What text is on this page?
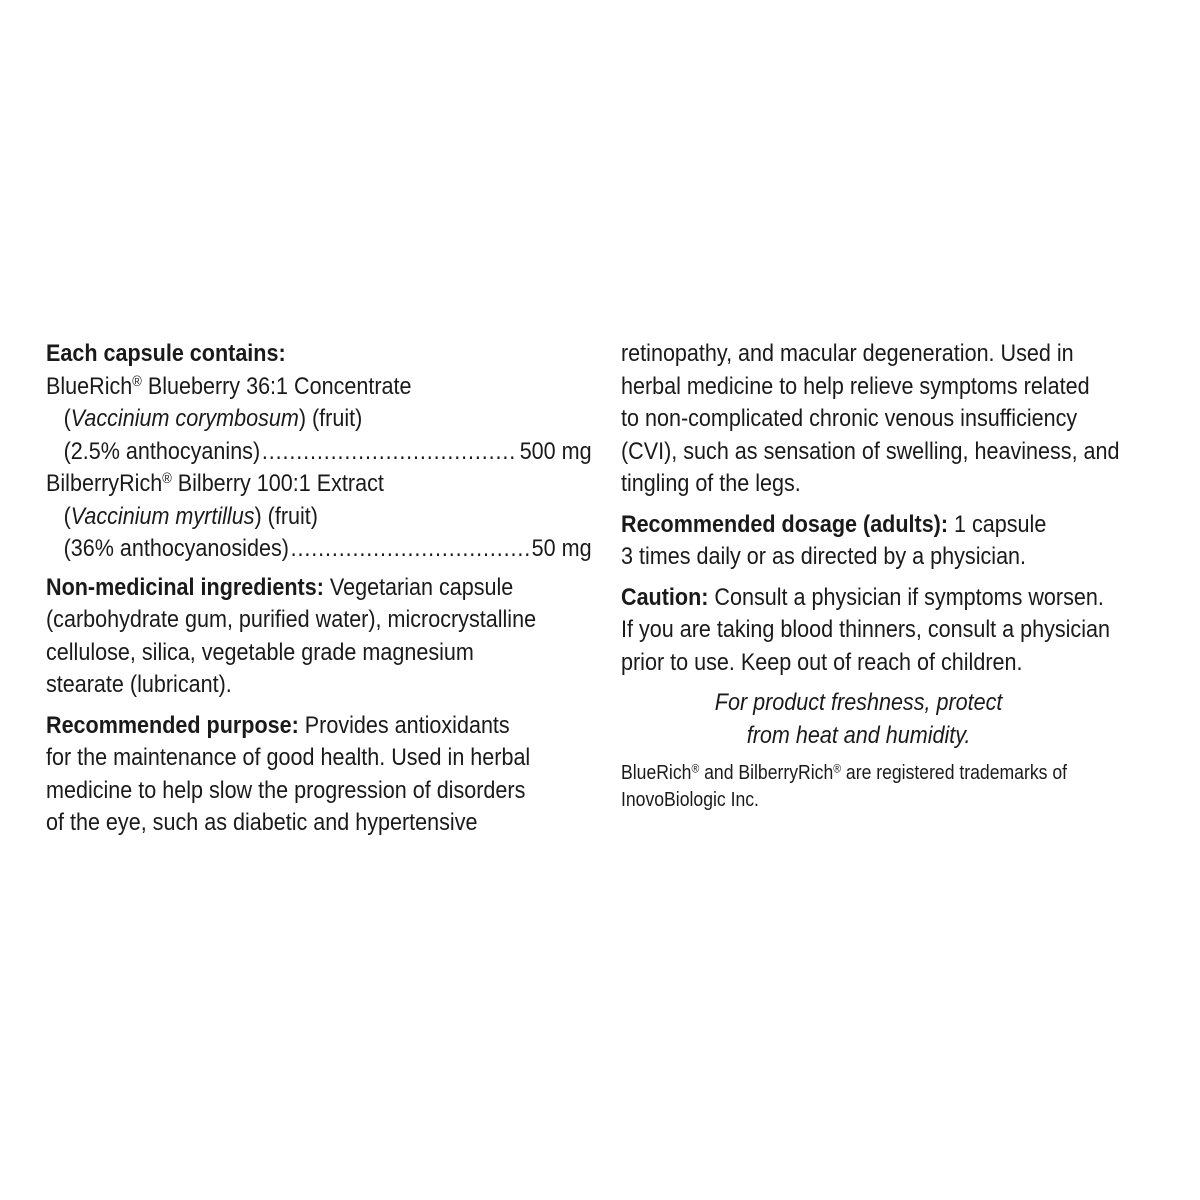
Each capsule contains:
BlueRich® Blueberry 36:1 Concentrate
(Vaccinium corymbosum) (fruit)
(2.5% anthocyanins) .....	500 mg
BilberryRich® Bilberry 100:1 Extract
(Vaccinium myrtillus) (fruit)
(36% anthocyanosides) .....	50 mg
Non-medicinal ingredients: Vegetarian capsule
(carbohydrate gum, purified water), microcrystalline
cellulose, silica, vegetable grade magnesium
stearate (lubricant).
Recommended purpose: Provides antioxidants
for the maintenance of good health. Used in herbal
medicine to help slow the progression of disorders
of the eye, such as diabetic and hypertensive
retinopathy, and macular degeneration. Used in
herbal medicine to help relieve symptoms related
to non-complicated chronic venous insufficiency
(CVI), such as sensation of swelling, heaviness, and
tingling of the legs.
Recommended dosage (adults): 1 capsule
3 times daily or as directed by a physician.
Caution: Consult a physician if symptoms worsen.
If you are taking blood thinners, consult a physician
prior to use. Keep out of reach of children.
For product freshness, protect
from heat and humidity.
BlueRich® and BilberryRich® are registered trademarks of
InovoBiologic Inc.
